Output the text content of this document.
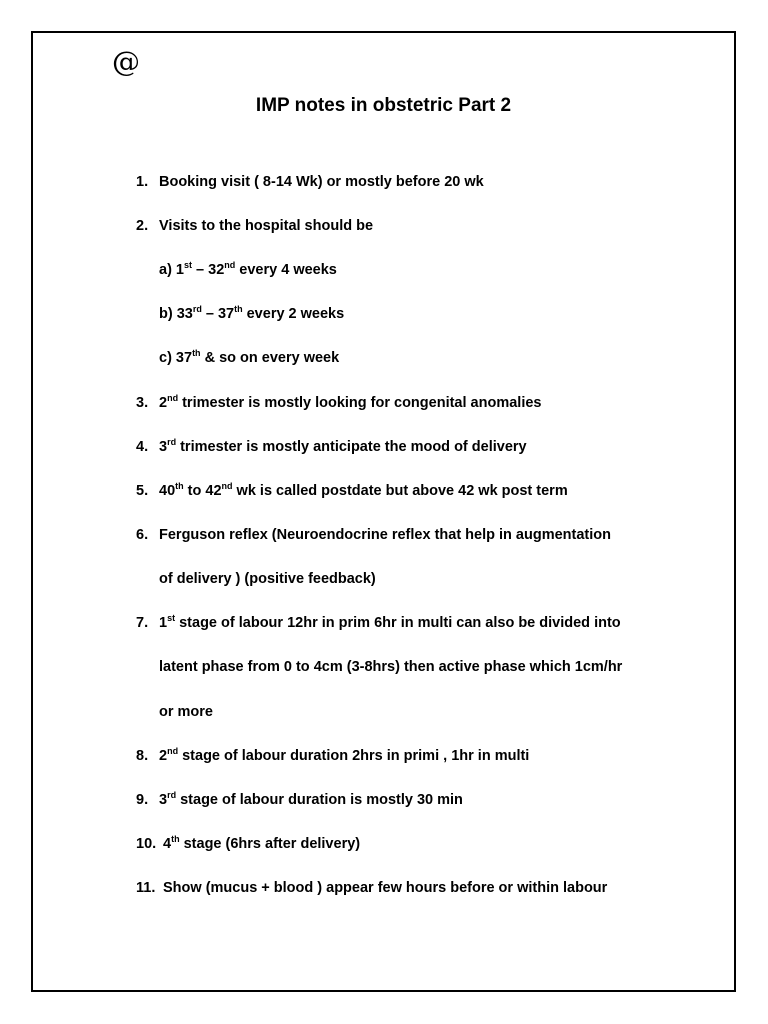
@
IMP notes in obstetric Part 2
1. Booking visit ( 8-14 Wk) or mostly before 20 wk
2. Visits to the hospital should be
a) 1st – 32nd every 4 weeks
b) 33rd – 37th every 2 weeks
c) 37th & so on every week
3. 2nd trimester is mostly looking for congenital anomalies
4. 3rd trimester is mostly anticipate the mood of delivery
5. 40th to 42nd wk is called postdate but above 42 wk post term
6. Ferguson reflex (Neuroendocrine reflex that help in augmentation
of delivery ) (positive feedback)
7. 1st stage of labour 12hr in prim 6hr in multi can also be divided into
latent phase from 0 to 4cm (3-8hrs) then active phase which 1cm/hr
or more
8. 2nd stage of labour duration 2hrs in primi , 1hr in multi
9. 3rd stage of labour duration is mostly 30 min
10. 4th stage (6hrs after delivery)
11. Show (mucus + blood ) appear few hours before or within labour
